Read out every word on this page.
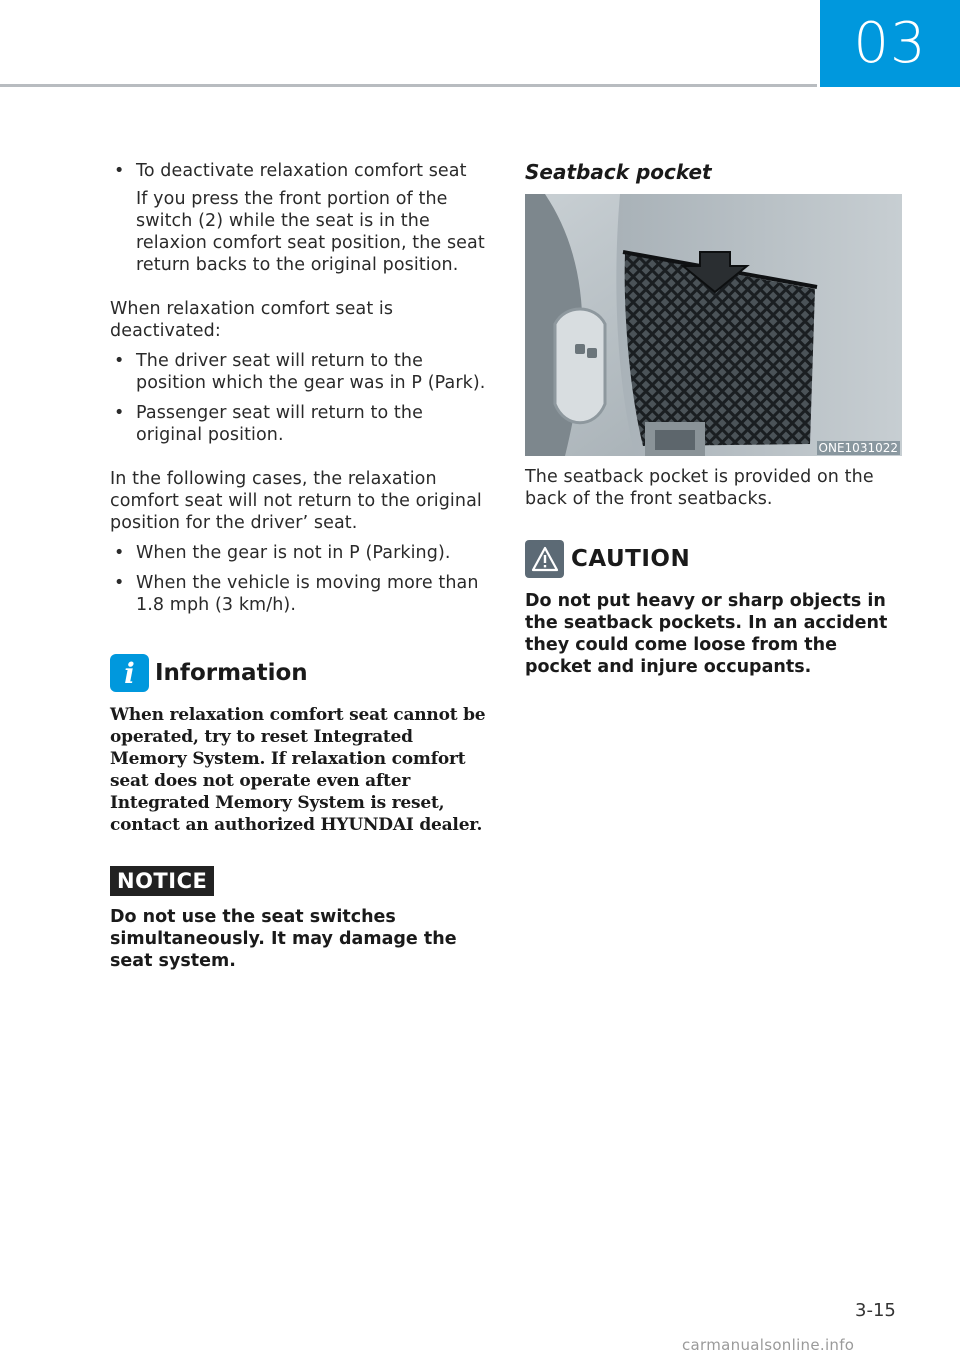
03

• To deactivate relaxation comfort seat

If you press the front portion of the switch (2) while the seat is in the relaxion comfort seat position, the seat return backs to the original position.
When relaxation comfort seat is deactivated:

• The driver seat will return to the position which the gear was in P (Park).

• Passenger seat will return to the original position.

In the following cases, the relaxation comfort seat will not return to the original position for the driver’ seat.

• When the gear is not in P (Parking).

• When the vehicle is moving more than 1.8 mph (3 km/h).

i Information
When relaxation comfort seat cannot be operated, try to reset Integrated Memory System. If relaxation comfort seat does not operate even after Integrated Memory System is reset, contact an authorized HYUNDAI dealer.
NOTICE
Do not use the seat switches simultaneously. It may damage the seat system.
Seatback pocket
ONE1031022
The seatback pocket is provided on the back of the front seatbacks.
CAUTION
Do not put heavy or sharp objects in the seatback pockets. In an accident they could come loose from the pocket and injure occupants.
3-15
carmanualsonline.info
